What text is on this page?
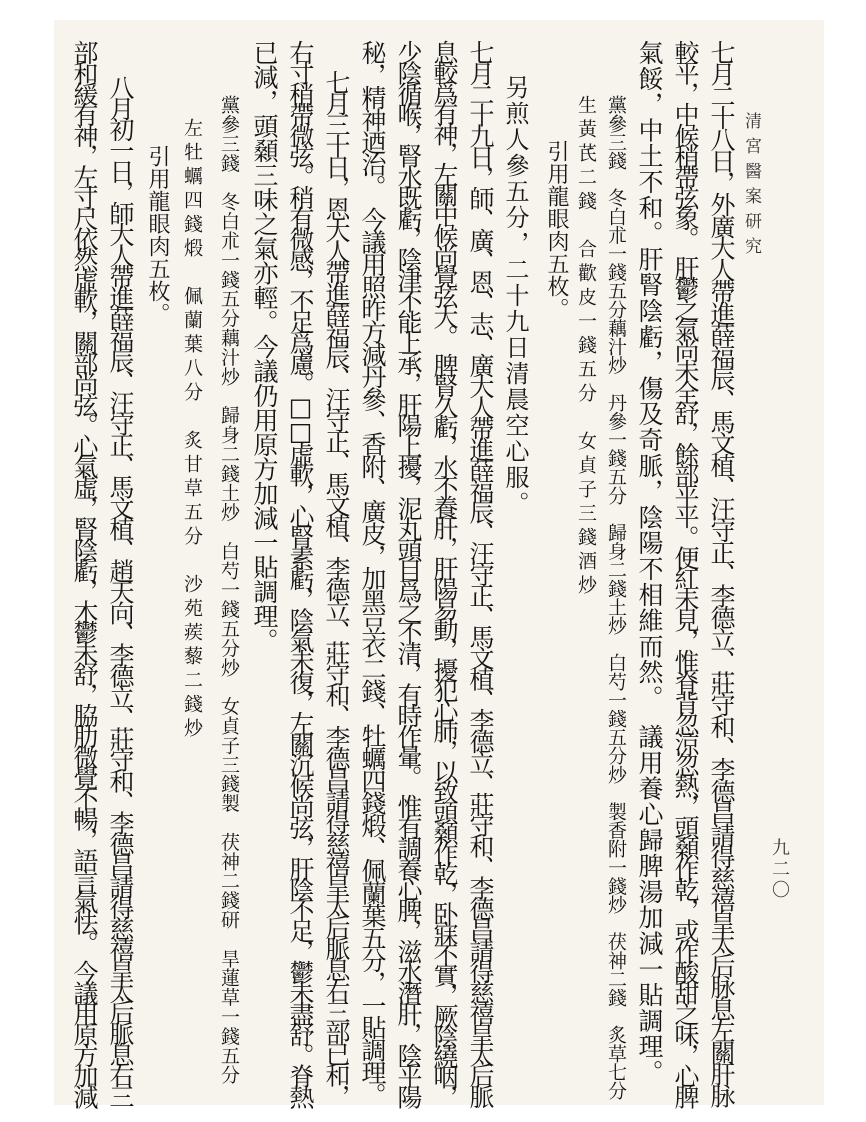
清宮醫案研究
九二〇
七月二十八日，外廣大人帶進薛福辰、馬文植、汪守正、李德立、莊守和、李德昌請得慈禧皇太后脉息左關肝脉
較平，中候稍帶弦象。　肝鬱之氣尚未全舒，餘部平平。便紅未見，惟脊背忽涼忽熱，頭顙作乾，或作酸甜之味，心脾
氣餒，中土不和。肝腎陰虧，傷及奇脈，陰陽不相維而然。　議用養心歸脾湯加減一貼調理。
黨參三錢　冬白朮一錢五分藕汁炒　丹參一錢五分　歸身二錢土炒　白芍一錢五分炒　製香附一錢炒　茯神二錢　炙草七分
生黃芪二錢　合歡皮一錢五分　女貞子三錢酒炒
引用龍眼肉五枚。
另煎人參五分，二十九日清晨空心服。
七月二十九日，師、廣、恩、志、廣大人帶進薛福辰、汪守正、馬文植、李德立、莊守和、李德昌請得慈禧皇太后脈
息較爲有神，左關中候尚覺弦大。　脾腎久虧，水不養肝，肝陽易動，擾犯心肺，以致頭顙作乾，卧寐不實，厥陰繞咽，
少陰循喉，腎水既虧，陰津不能上承，肝陽上擾，泥丸頭目爲之不清，有時作暈。　惟有調養心脾，滋水潛肝，陰平陽
秘，精神迺治。　今議用照昨方減丹參、香附、廣皮，加黑豆衣二錢、牡蠣四錢煅、佩蘭葉五分，一貼調理。
七月三十日，恩大人帶進薛福辰、汪守正、馬文植、李德立、莊守和、李德昌請得慈禧皇太后脈息右三部已和，
右寸稍帶微弦。稍有微感，不足爲慮。□□虛軟，心腎素虧，陰氣未復，左關沉候尚弦，肝陰不足，鬱未盡舒。脊熱
已減，頭顙三味之氣亦輕。今議仍用原方加減一貼調理。
黨參三錢　冬白朮一錢五分藕汁炒　歸身二錢土炒　白芍一錢五分炒　女貞子三錢製　茯神二錢研　旱蓮草一錢五分
左牡蠣四錢煅　佩蘭葉八分　炙甘草五分　沙苑蒺藜二錢炒
引用龍眼肉五枚。
八月初一日，師大人帶進薛福辰、汪守正、馬文植、趙天向、李德立、莊守和、李德昌請得慈禧皇太后脈息右三
部和緩有神，左寸尺依然虛軟，關部尚弦。心氣虛，腎陰虧，木鬱未舒，脇肋微覺不暢，語言氣怯。　今議用原方加減
